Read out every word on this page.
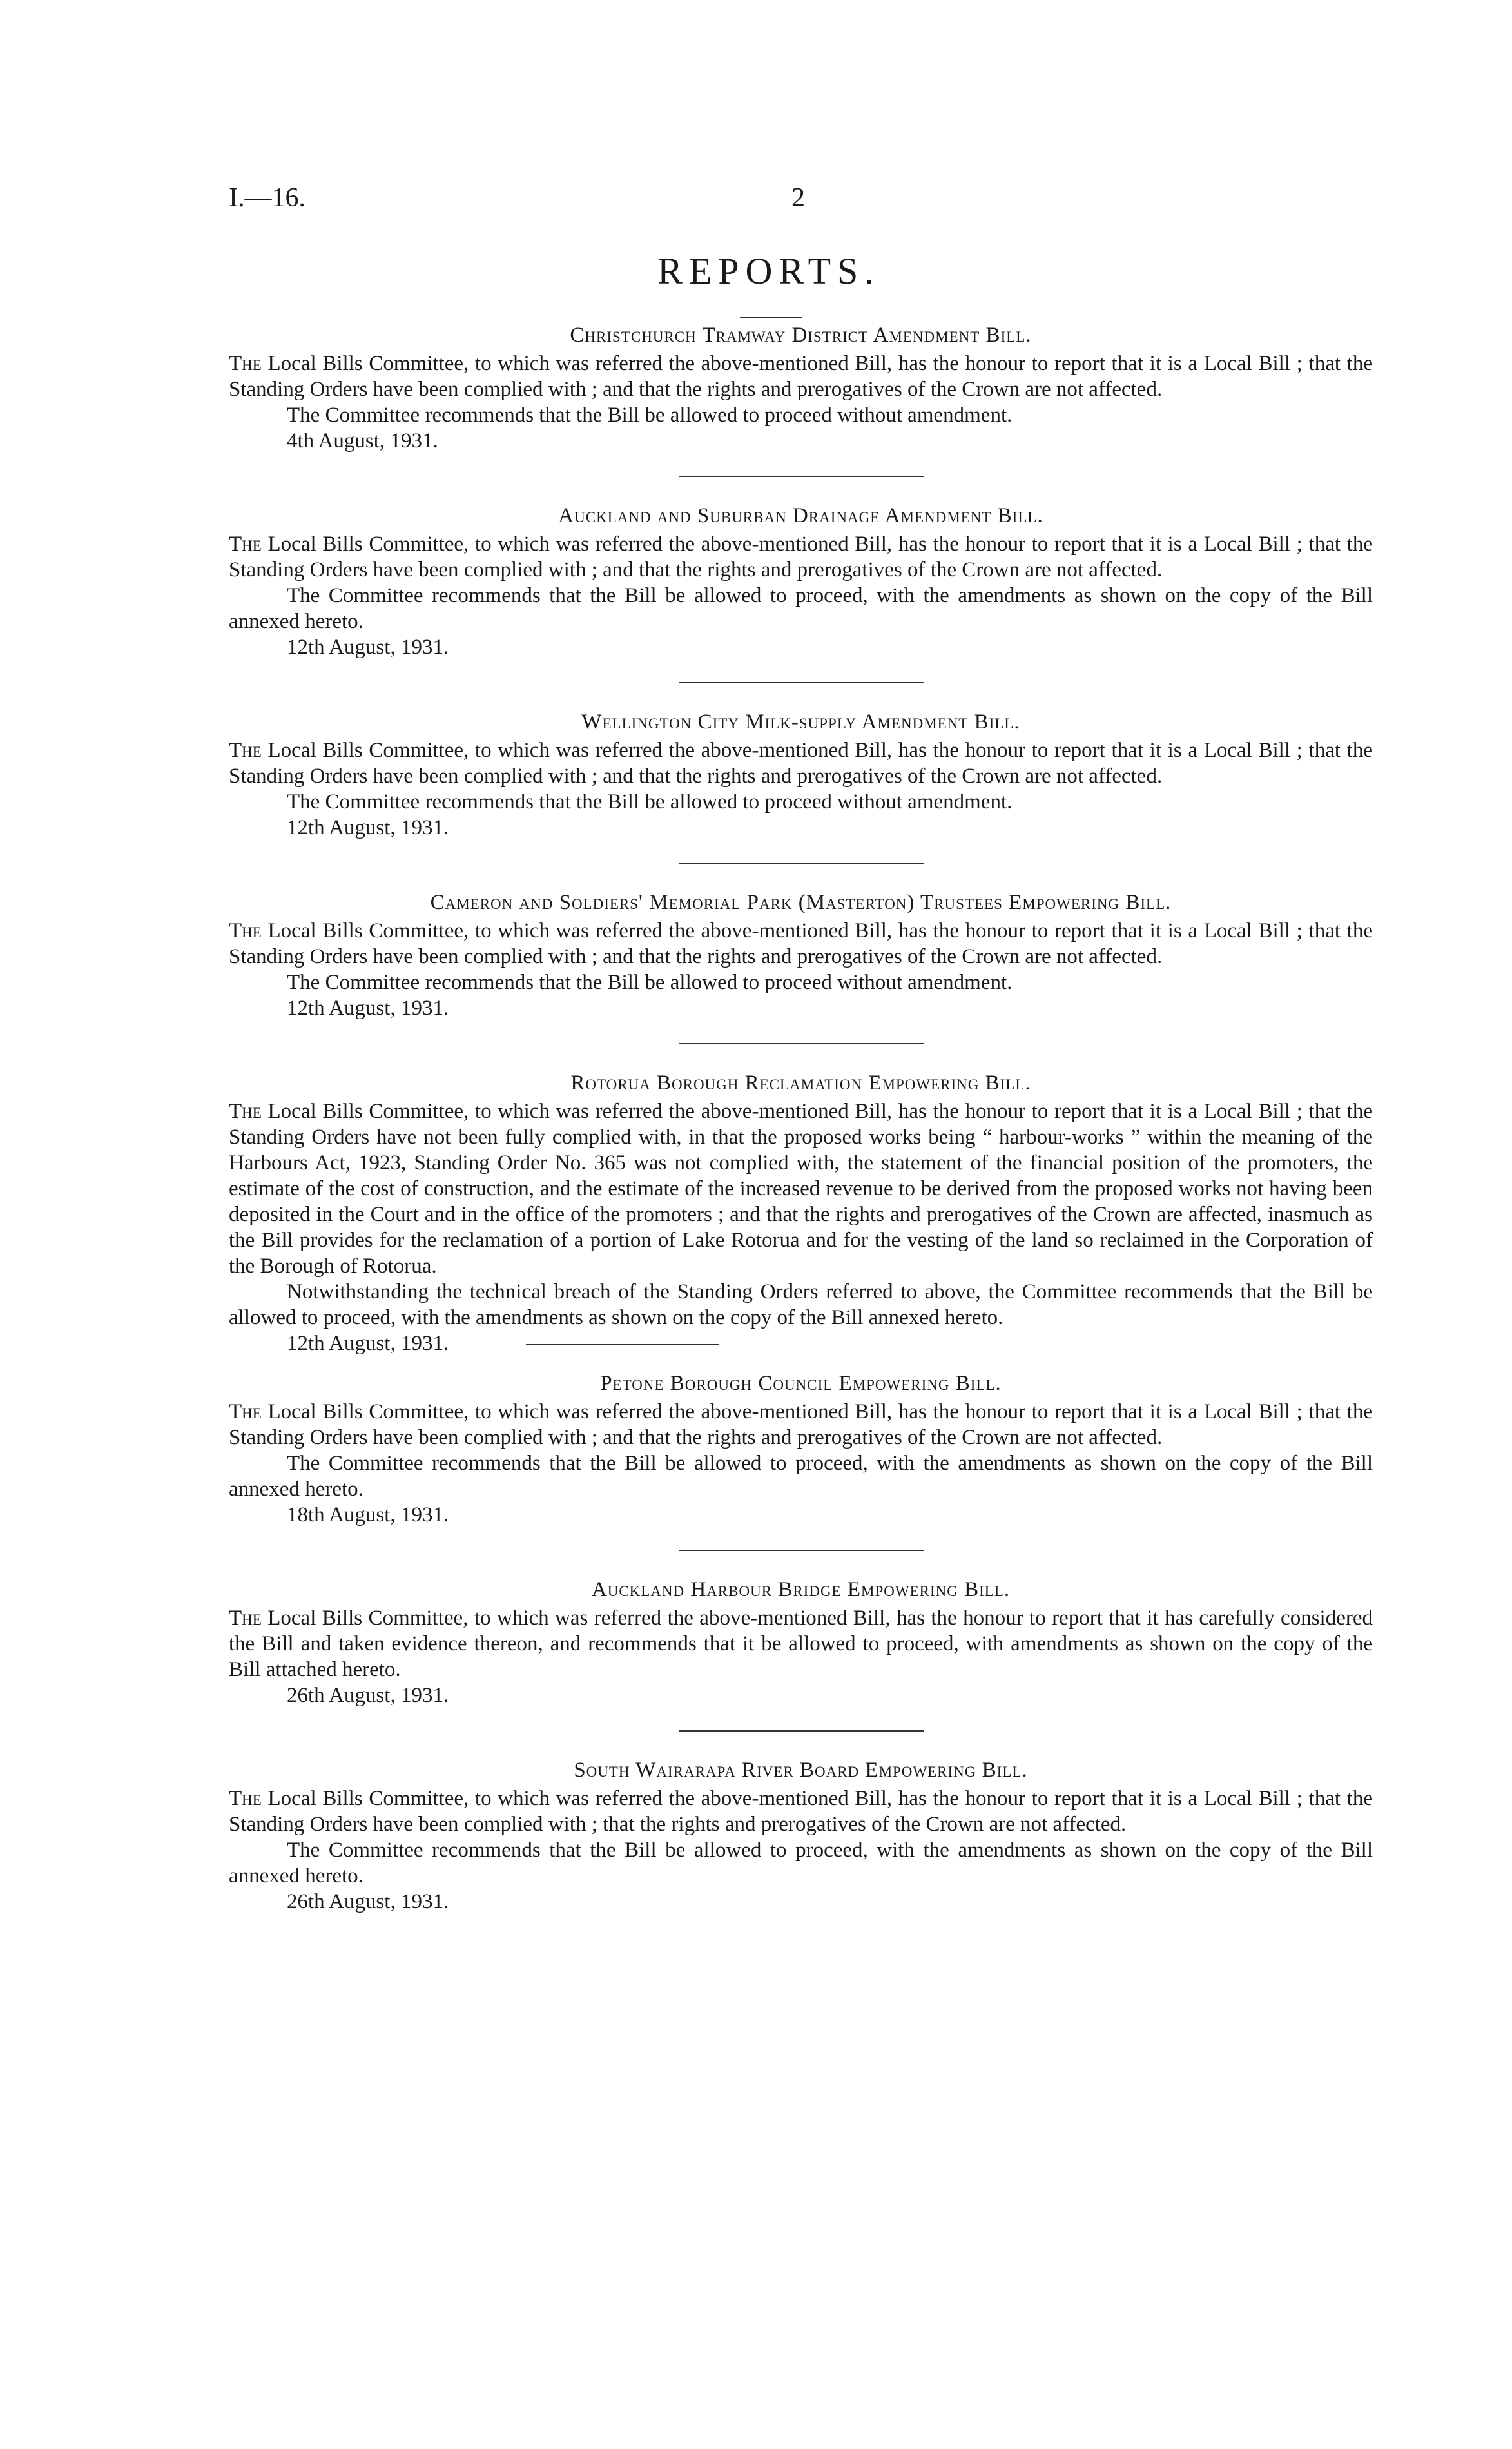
I.—16.	2
REPORTS.

Christchurch Tramway District Amendment Bill.

The Local Bills Committee, to which was referred the above-mentioned Bill, has the honour to report that it is a Local Bill ; that the Standing Orders have been complied with ; and that the rights and prerogatives of the Crown are not affected.

The Committee recommends that the Bill be allowed to proceed without amendment.

4th August, 1931.

Auckland and Suburban Drainage Amendment Bill.

The Local Bills Committee, to which was referred the above-mentioned Bill, has the honour to report that it is a Local Bill ; that the Standing Orders have been complied with ; and that the rights and prerogatives of the Crown are not affected.

The Committee recommends that the Bill be allowed to proceed, with the amendments as shown on the copy of the Bill annexed hereto.

12th August, 1931.

Wellington City Milk-supply Amendment Bill.

The Local Bills Committee, to which was referred the above-mentioned Bill, has the honour to report that it is a Local Bill ; that the Standing Orders have been complied with ; and that the rights and prerogatives of the Crown are not affected.

The Committee recommends that the Bill be allowed to proceed without amendment.

12th August, 1931.

Cameron and Soldiers' Memorial Park (Masterton) Trustees Empowering Bill.

The Local Bills Committee, to which was referred the above-mentioned Bill, has the honour to report that it is a Local Bill ; that the Standing Orders have been complied with ; and that the rights and prerogatives of the Crown are not affected.

The Committee recommends that the Bill be allowed to proceed without amendment.

12th August, 1931.

Rotorua Borough Reclamation Empowering Bill.

The Local Bills Committee, to which was referred the above-mentioned Bill, has the honour to report that it is a Local Bill ; that the Standing Orders have not been fully complied with, in that the proposed works being “ harbour-works ” within the meaning of the Harbours Act, 1923, Standing Order No. 365 was not complied with, the statement of the financial position of the promoters, the estimate of the cost of construction, and the estimate of the increased revenue to be derived from the proposed works not having been deposited in the Court and in the office of the promoters ; and that the rights and prerogatives of the Crown are affected, inasmuch as the Bill provides for the reclamation of a portion of Lake Rotorua and for the vesting of the land so reclaimed in the Corporation of the Borough of Rotorua.

Notwithstanding the technical breach of the Standing Orders referred to above, the Committee recommends that the Bill be allowed to proceed, with the amendments as shown on the copy of the Bill annexed hereto.

12th August, 1931.

Petone Borough Council Empowering Bill.

The Local Bills Committee, to which was referred the above-mentioned Bill, has the honour to report that it is a Local Bill ; that the Standing Orders have been complied with ; and that the rights and prerogatives of the Crown are not affected.

The Committee recommends that the Bill be allowed to proceed, with the amendments as shown on the copy of the Bill annexed hereto.

18th August, 1931.

Auckland Harbour Bridge Empowering Bill.

The Local Bills Committee, to which was referred the above-mentioned Bill, has the honour to report that it has carefully considered the Bill and taken evidence thereon, and recommends that it be allowed to proceed, with amendments as shown on the copy of the Bill attached hereto.

26th August, 1931.

South Wairarapa River Board Empowering Bill.

The Local Bills Committee, to which was referred the above-mentioned Bill, has the honour to report that it is a Local Bill ; that the Standing Orders have been complied with ; that the rights and prerogatives of the Crown are not affected.

The Committee recommends that the Bill be allowed to proceed, with the amendments as shown on the copy of the Bill annexed hereto.

26th August, 1931.
